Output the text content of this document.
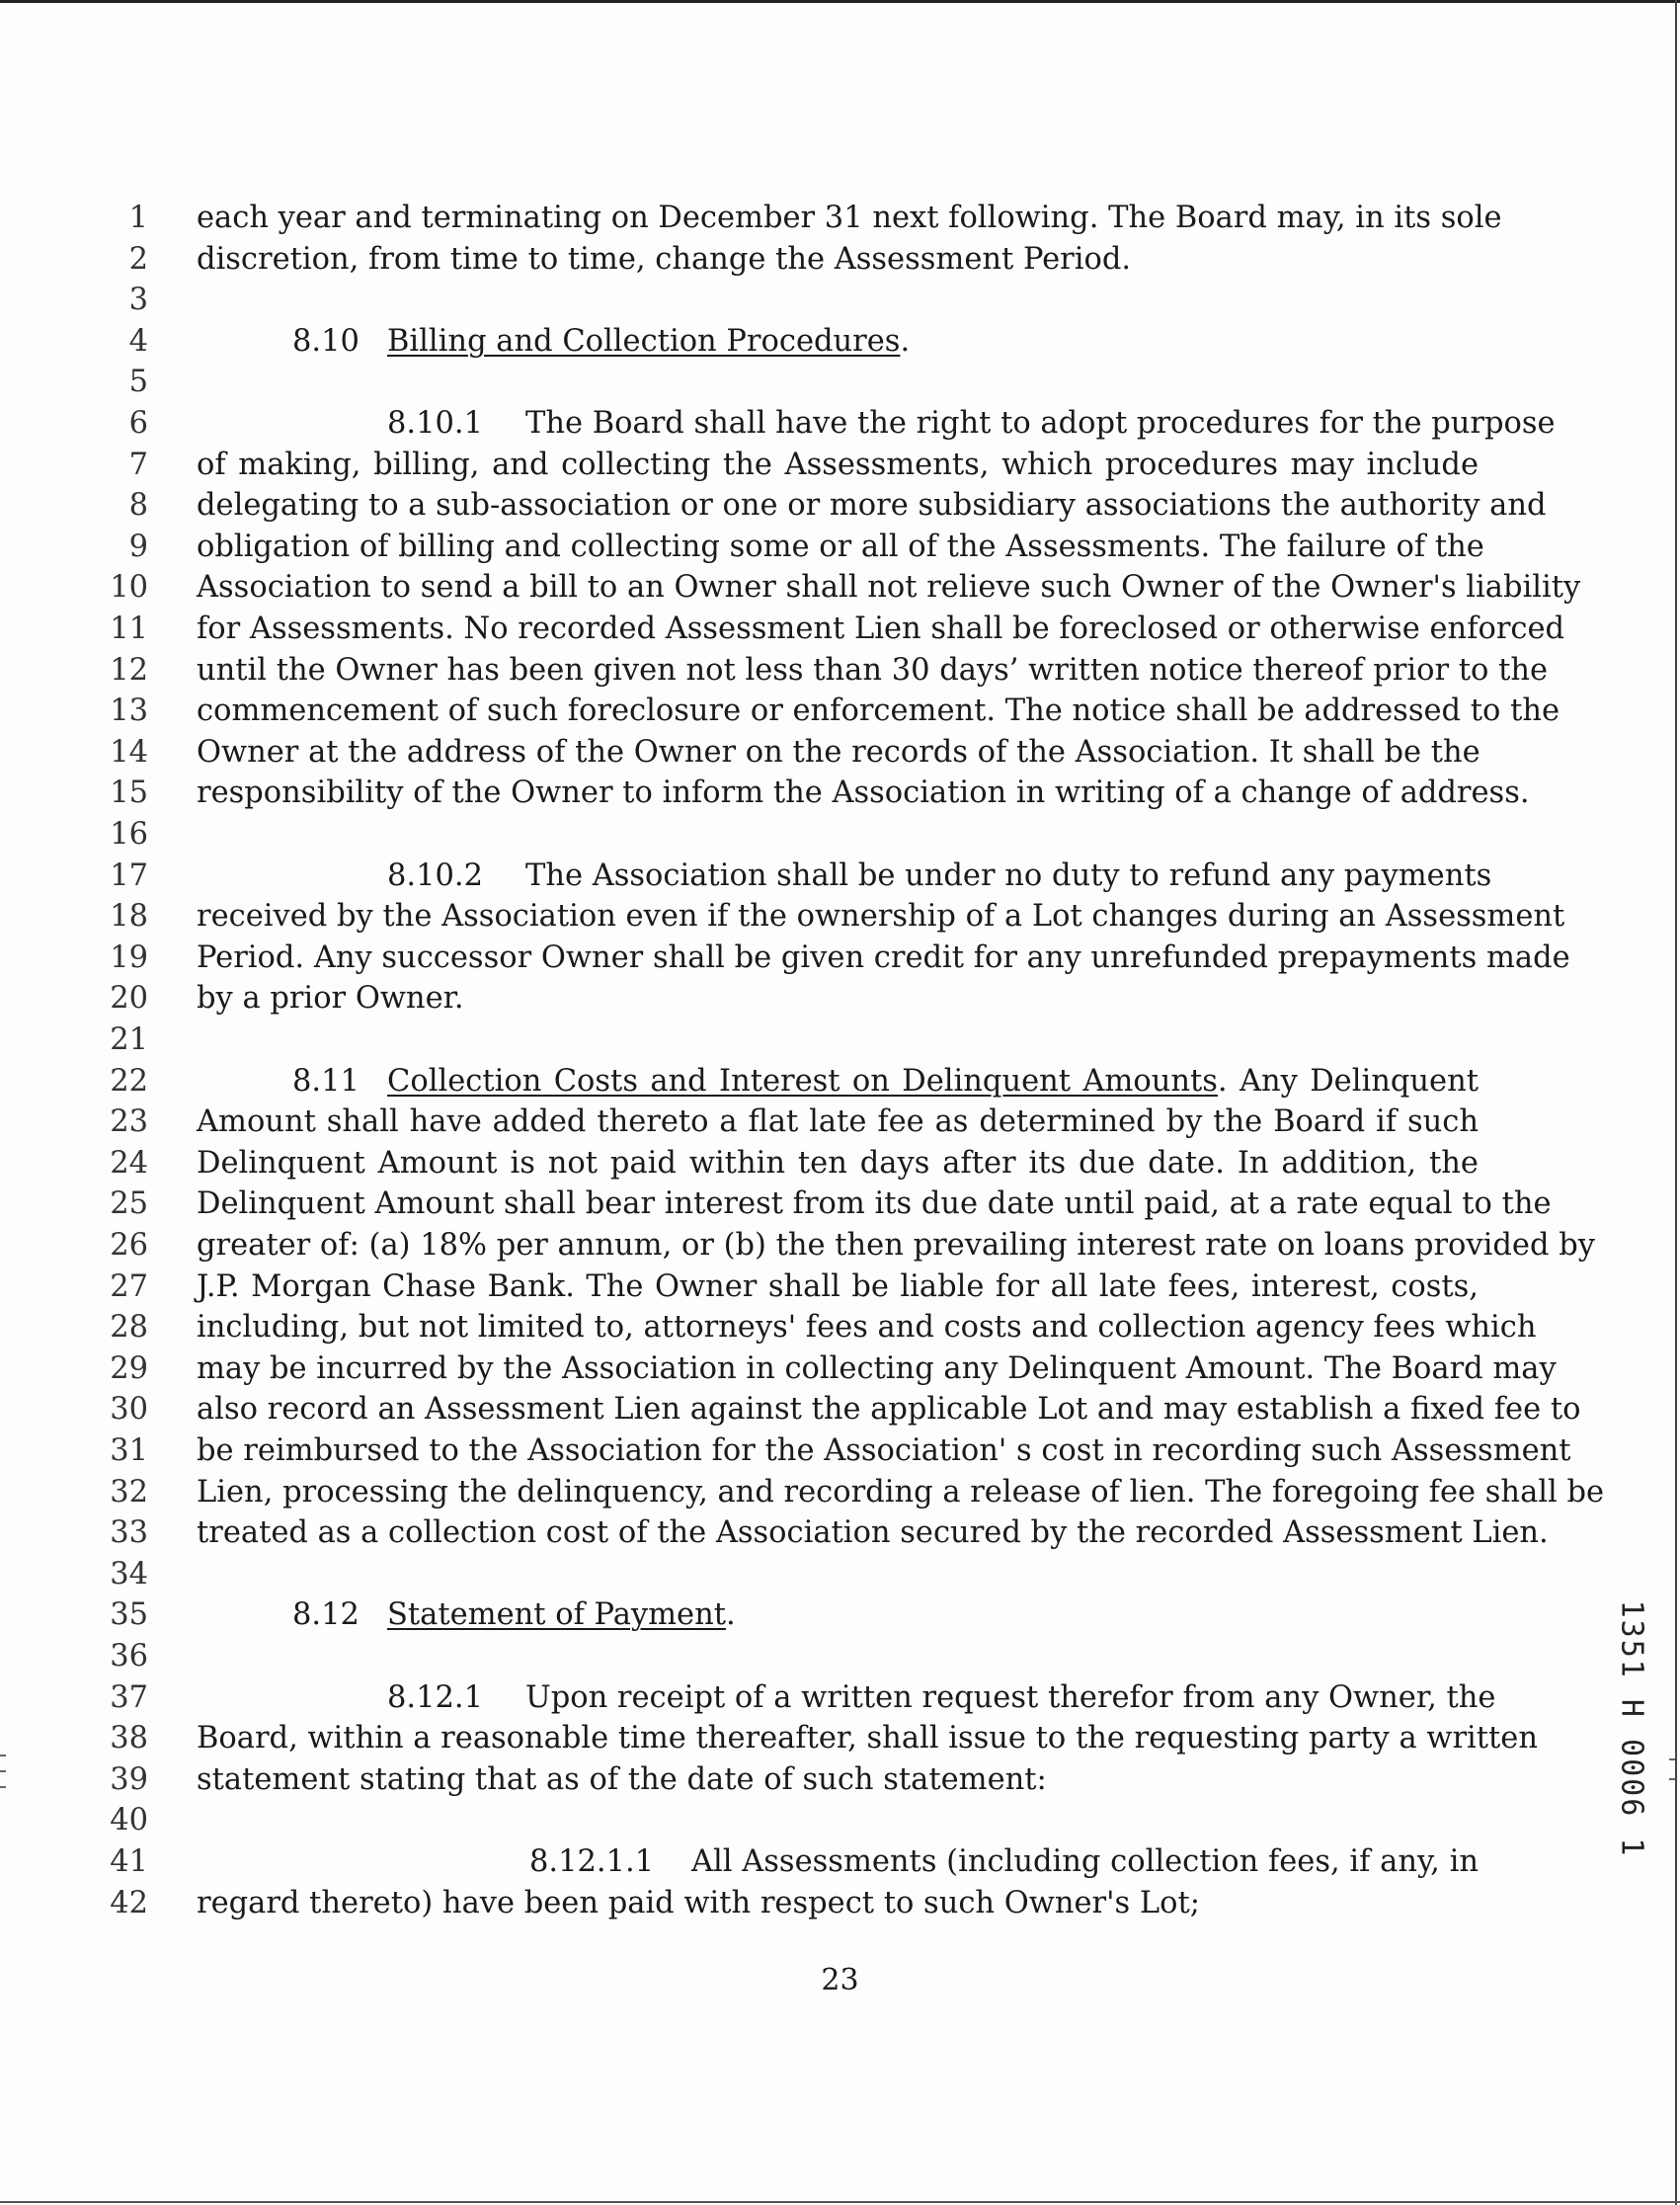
1 each year and terminating on December 31 next following. The Board may, in its sole
2 discretion, from time to time, change the Assessment Period.
3
4	8.10 Billing and Collection Procedures.
5
6	8.10.1 The Board shall have the right to adopt procedures for the purpose
7 of making, billing, and collecting the Assessments, which procedures may include
8 delegating to a sub-association or one or more subsidiary associations the authority and
9 obligation of billing and collecting some or all of the Assessments. The failure of the
10 Association to send a bill to an Owner shall not relieve such Owner of the Owner's liability
11 for Assessments. No recorded Assessment Lien shall be foreclosed or otherwise enforced
12 until the Owner has been given not less than 30 days’ written notice thereof prior to the
13 commencement of such foreclosure or enforcement. The notice shall be addressed to the
14 Owner at the address of the Owner on the records of the Association. It shall be the
15 responsibility of the Owner to inform the Association in writing of a change of address.
16
17	8.10.2 The Association shall be under no duty to refund any payments
18 received by the Association even if the ownership of a Lot changes during an Assessment
19 Period. Any successor Owner shall be given credit for any unrefunded prepayments made
20 by a prior Owner.
21
22	8.11 Collection Costs and Interest on Delinquent Amounts. Any Delinquent
23 Amount shall have added thereto a flat late fee as determined by the Board if such
24 Delinquent Amount is not paid within ten days after its due date. In addition, the
25 Delinquent Amount shall bear interest from its due date until paid, at a rate equal to the
26 greater of: (a) 18% per annum, or (b) the then prevailing interest rate on loans provided by
27 J.P. Morgan Chase Bank. The Owner shall be liable for all late fees, interest, costs,
28 including, but not limited to, attorneys' fees and costs and collection agency fees which
29 may be incurred by the Association in collecting any Delinquent Amount. The Board may
30 also record an Assessment Lien against the applicable Lot and may establish a fixed fee to
31 be reimbursed to the Association for the Association' s cost in recording such Assessment
32 Lien, processing the delinquency, and recording a release of lien. The foregoing fee shall be
33 treated as a collection cost of the Association secured by the recorded Assessment Lien.
34
35	8.12 Statement of Payment.
36
37	8.12.1 Upon receipt of a written request therefor from any Owner, the
38 Board, within a reasonable time thereafter, shall issue to the requesting party a written
39 statement stating that as of the date of such statement:
40
41	8.12.1.1 All Assessments (including collection fees, if any, in
42 regard thereto) have been paid with respect to such Owner's Lot;
23
1351 H 0006 1
